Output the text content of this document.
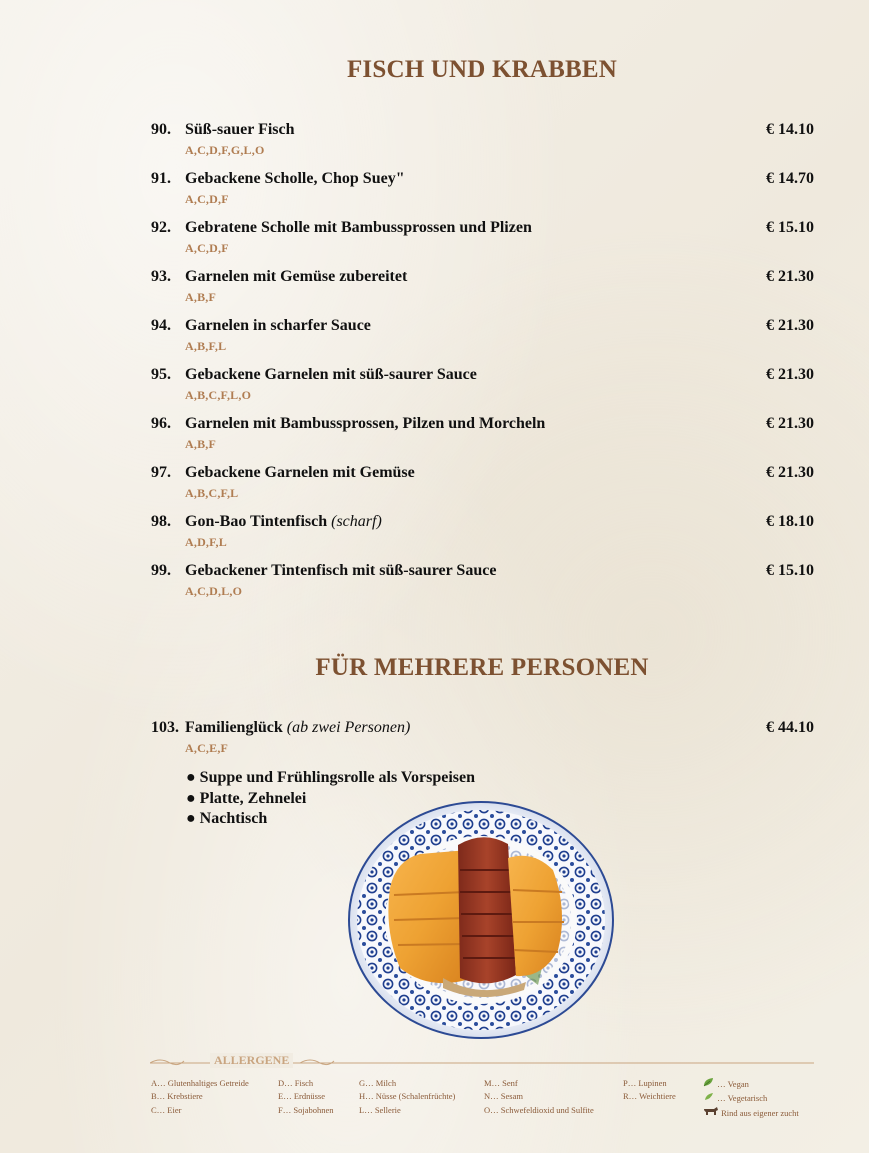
FISCH UND KRABBEN
90. Süß-sauer Fisch	€ 14.10
A,C,D,F,G,L,O
91. Gebackene Scholle, Chop Suey"	€ 14.70
A,C,D,F
92. Gebratene Scholle mit Bambussprossen und Plizen	€ 15.10
A,C,D,F
93. Garnelen mit Gemüse zubereitet	€ 21.30
A,B,F
94. Garnelen in scharfer Sauce	€ 21.30
A,B,F,L
95. Gebackene Garnelen mit süß-saurer Sauce	€ 21.30
A,B,C,F,L,O
96. Garnelen mit Bambussprossen, Pilzen und Morcheln	€ 21.30
A,B,F
97. Gebackene Garnelen mit Gemüse	€ 21.30
A,B,C,F,L
98. Gon-Bao Tintenfisch (scharf)	€ 18.10
A,D,F,L
99. Gebackener Tintenfisch mit süß-saurer Sauce	€ 15.10
A,C,D,L,O
FÜR MEHRERE PERSONEN
103. Familienglück (ab zwei Personen)	€ 44.10
A,C,E,F
● Suppe und Frühlingsrolle als Vorspeisen
● Platte, Zehnelei
● Nachtisch
ALLERGENE
A… Glutenhaltiges Getreide
B… Krebstiere
C… Eier
D… Fisch
E… Erdnüsse
F… Sojabohnen
G… Milch
H… Nüsse (Schalenfrüchte)
L… Sellerie
M… Senf
N… Sesam
O… Schwefeldioxid und Sulfite
P… Lupinen
R… Weichtiere
… Vegan
… Vegetarisch
Rind aus eigener zucht
